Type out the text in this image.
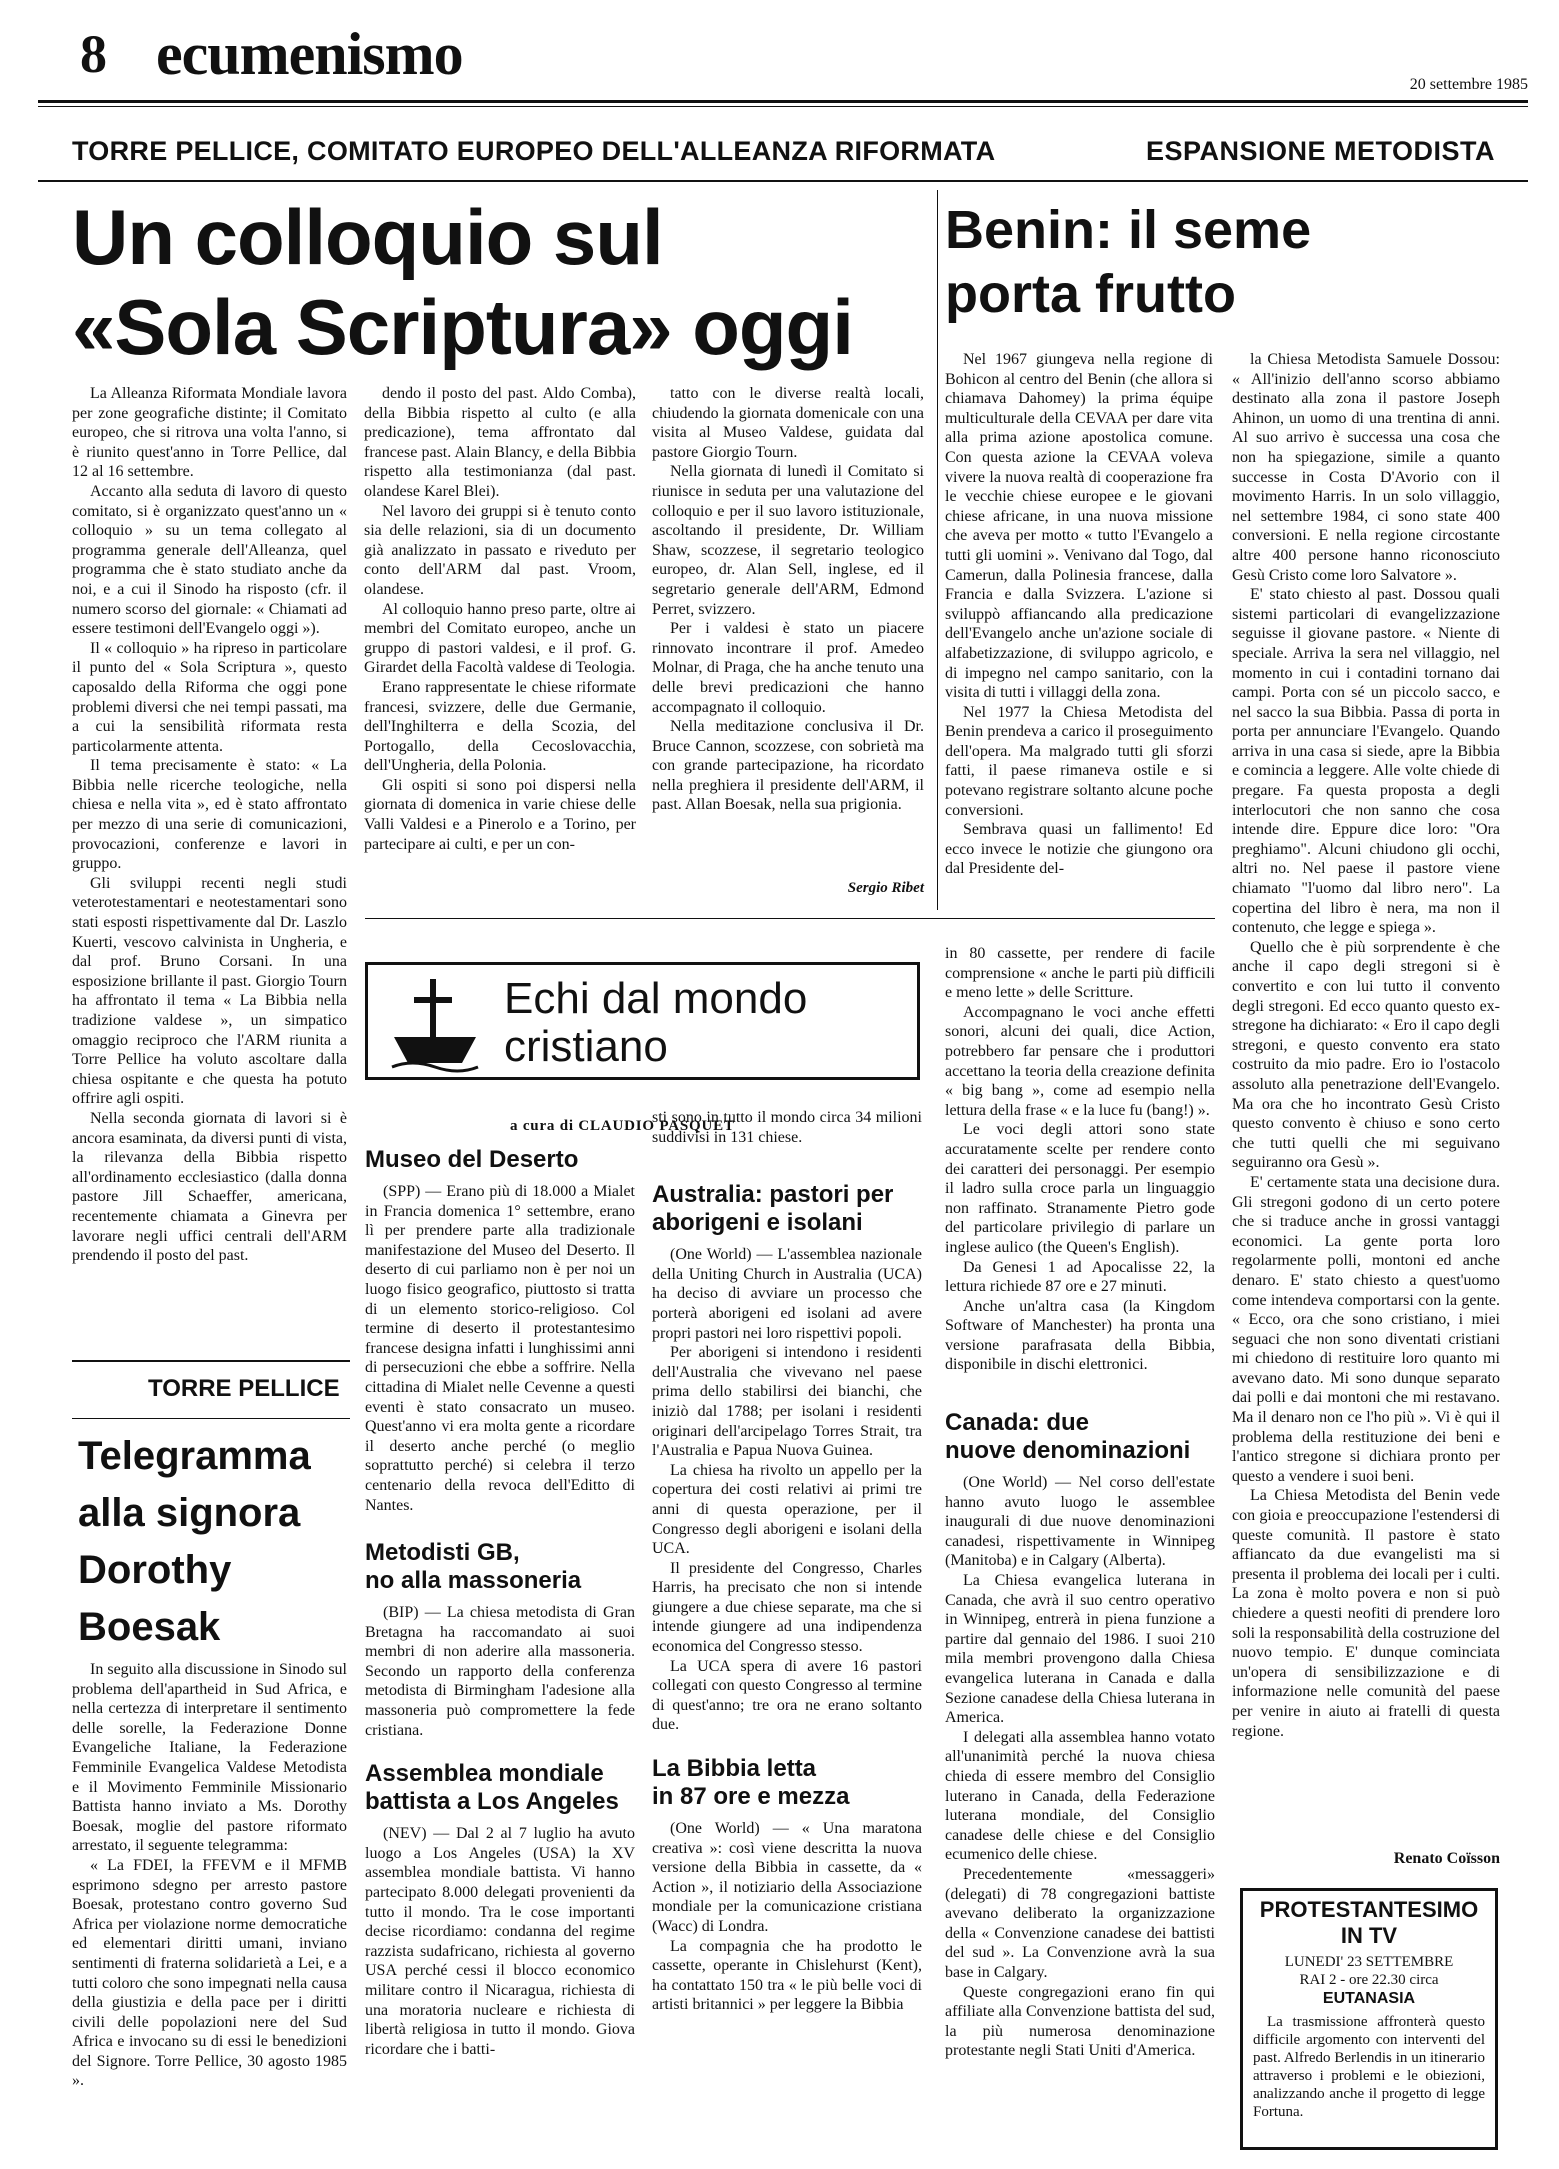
8 ecumenismo	20 settembre 1985
TORRE PELLICE, COMITATO EUROPEO DELL'ALLEANZA RIFORMATA	ESPANSIONE METODISTA
Un colloquio sul
«Sola Scriptura» oggi

La Alleanza Riformata Mondiale lavora per zone geografiche distinte; il Comitato europeo, che si ritrova una volta l'anno, si è riunito quest'anno in Torre Pellice, dal 12 al 16 settembre.

Accanto alla seduta di lavoro di questo comitato, si è organizzato quest'anno un « colloquio » su un tema collegato al programma generale dell'Alleanza, quel programma che è stato studiato anche da noi, e a cui il Sinodo ha risposto (cfr. il numero scorso del giornale: « Chiamati ad essere testimoni dell'Evangelo oggi »).

Il « colloquio » ha ripreso in particolare il punto del « Sola Scriptura », questo caposaldo della Riforma che oggi pone problemi diversi che nei tempi passati, ma a cui la sensibilità riformata resta particolarmente attenta.

Il tema precisamente è stato: « La Bibbia nelle ricerche teologiche, nella chiesa e nella vita », ed è stato affrontato per mezzo di una serie di comunicazioni, provocazioni, conferenze e lavori in gruppo.

Gli sviluppi recenti negli studi veterotestamentari e neotestamentari sono stati esposti rispettivamente dal Dr. Laszlo Kuerti, vescovo calvinista in Ungheria, e dal prof. Bruno Corsani. In una esposizione brillante il past. Giorgio Tourn ha affrontato il tema « La Bibbia nella tradizione valdese », un simpatico omaggio reciproco che l'ARM riunita a Torre Pellice ha voluto ascoltare dalla chiesa ospitante e che questa ha potuto offrire agli ospiti.

Nella seconda giornata di lavori si è ancora esaminata, da diversi punti di vista, la rilevanza della Bibbia rispetto all'ordinamento ecclesiastico (dalla donna pastore Jill Schaeffer, americana, recentemente chiamata a Ginevra per lavorare negli uffici centrali dell'ARM prendendo il posto del past.

dendo il posto del past. Aldo Comba), della Bibbia rispetto al culto (e alla predicazione), tema affrontato dal francese past. Alain Blancy, e della Bibbia rispetto alla testimonianza (dal past. olandese Karel Blei).

Nel lavoro dei gruppi si è tenuto conto sia delle relazioni, sia di un documento già analizzato in passato e riveduto per conto dell'ARM dal past. Vroom, olandese.

Al colloquio hanno preso parte, oltre ai membri del Comitato europeo, anche un gruppo di pastori valdesi, e il prof. G. Girardet della Facoltà valdese di Teologia.

Erano rappresentate le chiese riformate francesi, svizzere, delle due Germanie, dell'Inghilterra e della Scozia, del Portogallo, della Cecoslovacchia, dell'Ungheria, della Polonia.

Gli ospiti si sono poi dispersi nella giornata di domenica in varie chiese delle Valli Valdesi e a Pinerolo e a Torino, per partecipare ai culti, e per un con-

tatto con le diverse realtà locali, chiudendo la giornata domenicale con una visita al Museo Valdese, guidata dal pastore Giorgio Tourn.

Nella giornata di lunedì il Comitato si riunisce in seduta per una valutazione del colloquio e per il suo lavoro istituzionale, ascoltando il presidente, Dr. William Shaw, scozzese, il segretario teologico europeo, dr. Alan Sell, inglese, ed il segretario generale dell'ARM, Edmond Perret, svizzero.

Per i valdesi è stato un piacere rinnovato incontrare il prof. Amedeo Molnar, di Praga, che ha anche tenuto una delle brevi predicazioni che hanno accompagnato il colloquio.

Nella meditazione conclusiva il Dr. Bruce Cannon, scozzese, con sobrietà ma con grande partecipazione, ha ricordato nella preghiera il presidente dell'ARM, il past. Allan Boesak, nella sua prigionia.

Sergio Ribet
Benin: il seme
porta frutto

Nel 1967 giungeva nella regione di Bohicon al centro del Benin (che allora si chiamava Dahomey) la prima équipe multiculturale della CEVAA per dare vita alla prima azione apostolica comune. Con questa azione la CEVAA voleva vivere la nuova realtà di cooperazione fra le vecchie chiese europee e le giovani chiese africane, in una nuova missione che aveva per motto « tutto l'Evangelo a tutti gli uomini ». Venivano dal Togo, dal Camerun, dalla Polinesia francese, dalla Francia e dalla Svizzera. L'azione si sviluppò affiancando alla predicazione dell'Evangelo anche un'azione sociale di alfabetizzazione, di sviluppo agricolo, e di impegno nel campo sanitario, con la visita di tutti i villaggi della zona.

Nel 1977 la Chiesa Metodista del Benin prendeva a carico il proseguimento dell'opera. Ma malgrado tutti gli sforzi fatti, il paese rimaneva ostile e si potevano registrare soltanto alcune poche conversioni.

Sembrava quasi un fallimento! Ed ecco invece le notizie che giungono ora dal Presidente del-

la Chiesa Metodista Samuele Dossou: « All'inizio dell'anno scorso abbiamo destinato alla zona il pastore Joseph Ahinon, un uomo di una trentina di anni. Al suo arrivo è successa una cosa che non ha spiegazione, simile a quanto successe in Costa D'Avorio con il movimento Harris. In un solo villaggio, nel settembre 1984, ci sono state 400 conversioni. E nella regione circostante altre 400 persone hanno riconosciuto Gesù Cristo come loro Salvatore ».

E' stato chiesto al past. Dossou quali sistemi particolari di evangelizzazione seguisse il giovane pastore. « Niente di speciale. Arriva la sera nel villaggio, nel momento in cui i contadini tornano dai campi. Porta con sé un piccolo sacco, e nel sacco la sua Bibbia. Passa di porta in porta per annunciare l'Evangelo. Quando arriva in una casa si siede, apre la Bibbia e comincia a leggere. Alle volte chiede di pregare. Fa questa proposta a degli interlocutori che non sanno che cosa intende dire. Eppure dice loro: "Ora preghiamo". Alcuni chiudono gli occhi, altri no. Nel paese il pastore viene chiamato "l'uomo dal libro nero". La copertina del libro è nera, ma non il contenuto, che legge e spiega ».

Quello che è più sorprendente è che anche il capo degli stregoni si è convertito e con lui tutto il convento degli stregoni. Ed ecco quanto questo ex-stregone ha dichiarato: « Ero il capo degli stregoni, e questo convento era stato costruito da mio padre. Ero io l'ostacolo assoluto alla penetrazione dell'Evangelo. Ma ora che ho incontrato Gesù Cristo questo convento è chiuso e sono certo che tutti quelli che mi seguivano seguiranno ora Gesù ».

E' certamente stata una decisione dura. Gli stregoni godono di un certo potere che si traduce anche in grossi vantaggi economici. La gente porta loro regolarmente polli, montoni ed anche denaro. E' stato chiesto a quest'uomo come intendeva comportarsi con la gente. « Ecco, ora che sono cristiano, i miei seguaci che non sono diventati cristiani mi chiedono di restituire loro quanto mi avevano dato. Mi sono dunque separato dai polli e dai montoni che mi restavano. Ma il denaro non ce l'ho più ». Vi è qui il problema della restituzione dei beni e l'antico stregone si dichiara pronto per questo a vendere i suoi beni.

La Chiesa Metodista del Benin vede con gioia e preoccupazione l'estendersi di queste comunità. Il pastore è stato affiancato da due evangelisti ma si presenta il problema dei locali per i culti. La zona è molto povera e non si può chiedere a questi neofiti di prendere loro soli la responsabilità della costruzione del nuovo tempio. E' dunque cominciata un'opera di sensibilizzazione e di informazione nelle comunità del paese per venire in aiuto ai fratelli di questa regione.

Renato Coïsson
TORRE PELLICE
Telegramma
alla signora
Dorothy
Boesak

In seguito alla discussione in Sinodo sul problema dell'apartheid in Sud Africa, e nella certezza di interpretare il sentimento delle sorelle, la Federazione Donne Evangeliche Italiane, la Federazione Femminile Evangelica Valdese Metodista e il Movimento Femminile Missionario Battista hanno inviato a Ms. Dorothy Boesak, moglie del pastore riformato arrestato, il seguente telegramma:

« La FDEI, la FFEVM e il MFMB esprimono sdegno per arresto pastore Boesak, protestano contro governo Sud Africa per violazione norme democratiche ed elementari diritti umani, inviano sentimenti di fraterna solidarietà a Lei, e a tutti coloro che sono impegnati nella causa della giustizia e della pace per i diritti civili delle popolazioni nere del Sud Africa e invocano su di essi le benedizioni del Signore. Torre Pellice, 30 agosto 1985 ».

Echi dal mondo
cristiano
a cura di CLAUDIO PASQUET
Museo del Deserto

(SPP) — Erano più di 18.000 a Mialet in Francia domenica 1° settembre, erano lì per prendere parte alla tradizionale manifestazione del Museo del Deserto. Il deserto di cui parliamo non è per noi un luogo fisico geografico, piuttosto si tratta di un elemento storico-religioso. Col termine di deserto il protestantesimo francese designa infatti i lunghissimi anni di persecuzioni che ebbe a soffrire. Nella cittadina di Mialet nelle Cevenne a questi eventi è stato consacrato un museo. Quest'anno vi era molta gente a ricordare il deserto anche perché (o meglio soprattutto perché) si celebra il terzo centenario della revoca dell'Editto di Nantes.

Metodisti GB,
no alla massoneria

(BIP) — La chiesa metodista di Gran Bretagna ha raccomandato ai suoi membri di non aderire alla massoneria. Secondo un rapporto della conferenza metodista di Birmingham l'adesione alla massoneria può compromettere la fede cristiana.

Assemblea mondiale
battista a Los Angeles

(NEV) — Dal 2 al 7 luglio ha avuto luogo a Los Angeles (USA) la XV assemblea mondiale battista. Vi hanno partecipato 8.000 delegati provenienti da tutto il mondo. Tra le cose importanti decise ricordiamo: condanna del regime razzista sudafricano, richiesta al governo USA perché cessi il blocco economico militare contro il Nicaragua, richiesta di una moratoria nucleare e richiesta di libertà religiosa in tutto il mondo. Giova ricordare che i batti-

sti sono in tutto il mondo circa 34 milioni suddivisi in 131 chiese.

Australia: pastori per
aborigeni e isolani

(One World) — L'assemblea nazionale della Uniting Church in Australia (UCA) ha deciso di avviare un processo che porterà aborigeni ed isolani ad avere propri pastori nei loro rispettivi popoli.

Per aborigeni si intendono i residenti dell'Australia che vivevano nel paese prima dello stabilirsi dei bianchi, che iniziò dal 1788; per isolani i residenti originari dell'arcipelago Torres Strait, tra l'Australia e Papua Nuova Guinea.

La chiesa ha rivolto un appello per la copertura dei costi relativi ai primi tre anni di questa operazione, per il Congresso degli aborigeni e isolani della UCA.

Il presidente del Congresso, Charles Harris, ha precisato che non si intende giungere a due chiese separate, ma che si intende giungere ad una indipendenza economica del Congresso stesso.

La UCA spera di avere 16 pastori collegati con questo Congresso al termine di quest'anno; tre ora ne erano soltanto due.

La Bibbia letta
in 87 ore e mezza

(One World) — « Una maratona creativa »: così viene descritta la nuova versione della Bibbia in cassette, da « Action », il notiziario della Associazione mondiale per la comunicazione cristiana (Wacc) di Londra.

La compagnia che ha prodotto le cassette, operante in Chislehurst (Kent), ha contattato 150 tra « le più belle voci di artisti britannici » per leggere la Bibbia

in 80 cassette, per rendere di facile comprensione « anche le parti più difficili e meno lette » delle Scritture.

Accompagnano le voci anche effetti sonori, alcuni dei quali, dice Action, potrebbero far pensare che i produttori accettano la teoria della creazione definita « big bang », come ad esempio nella lettura della frase « e la luce fu (bang!) ».

Le voci degli attori sono state accuratamente scelte per rendere conto dei caratteri dei personaggi. Per esempio il ladro sulla croce parla un linguaggio non raffinato. Stranamente Pietro gode del particolare privilegio di parlare un inglese aulico (the Queen's English).

Da Genesi 1 ad Apocalisse 22, la lettura richiede 87 ore e 27 minuti.

Anche un'altra casa (la Kingdom Software of Manchester) ha pronta una versione parafrasata della Bibbia, disponibile in dischi elettronici.

Canada: due
nuove denominazioni

(One World) — Nel corso dell'estate hanno avuto luogo le assemblee inaugurali di due nuove denominazioni canadesi, rispettivamente in Winnipeg (Manitoba) e in Calgary (Alberta).

La Chiesa evangelica luterana in Canada, che avrà il suo centro operativo in Winnipeg, entrerà in piena funzione a partire dal gennaio del 1986. I suoi 210 mila membri provengono dalla Chiesa evangelica luterana in Canada e dalla Sezione canadese della Chiesa luterana in America.

I delegati alla assemblea hanno votato all'unanimità perché la nuova chiesa chieda di essere membro del Consiglio luterano in Canada, della Federazione luterana mondiale, del Consiglio canadese delle chiese e del Consiglio ecumenico delle chiese.

Precedentemente «messaggeri» (delegati) di 78 congregazioni battiste avevano deliberato la organizzazione della « Convenzione canadese dei battisti del sud ». La Convenzione avrà la sua base in Calgary.

Queste congregazioni erano fin qui affiliate alla Convenzione battista del sud, la più numerosa denominazione protestante negli Stati Uniti d'America.

PROTESTANTESIMO
IN TV
LUNEDI' 23 SETTEMBRE
RAI 2 - ore 22.30 circa
EUTANASIA

La trasmissione affronterà questo difficile argomento con interventi del past. Alfredo Berlendis in un itinerario attraverso i problemi e le obiezioni, analizzando anche il progetto di legge Fortuna.
